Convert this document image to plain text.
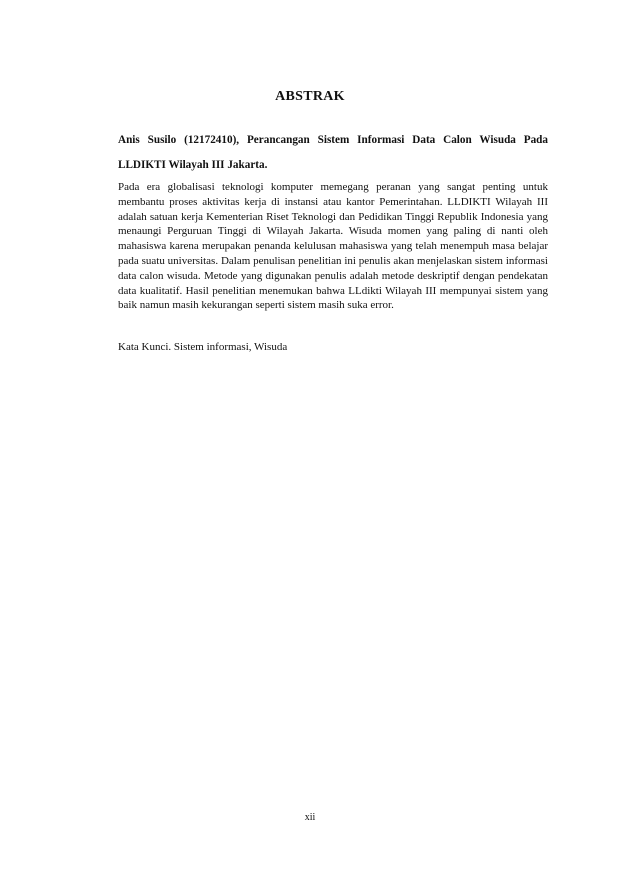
ABSTRAK

Anis Susilo (12172410), Perancangan Sistem Informasi Data Calon Wisuda Pada LLDIKTI Wilayah III Jakarta.

Pada era globalisasi teknologi komputer memegang peranan yang sangat penting untuk membantu proses aktivitas kerja di instansi atau kantor Pemerintahan. LLDIKTI Wilayah III adalah satuan kerja Kementerian Riset Teknologi dan Pedidikan Tinggi Republik Indonesia yang menaungi Perguruan Tinggi di Wilayah Jakarta. Wisuda momen yang paling di nanti oleh mahasiswa karena merupakan penanda kelulusan mahasiswa yang telah menempuh masa belajar pada suatu universitas. Dalam penulisan penelitian ini penulis akan menjelaskan sistem informasi data calon wisuda. Metode yang digunakan penulis adalah metode deskriptif dengan pendekatan data kualitatif. Hasil penelitian menemukan bahwa LLdikti Wilayah III mempunyai sistem yang baik namun masih kekurangan seperti sistem masih suka error.

Kata Kunci. Sistem informasi, Wisuda

xii
